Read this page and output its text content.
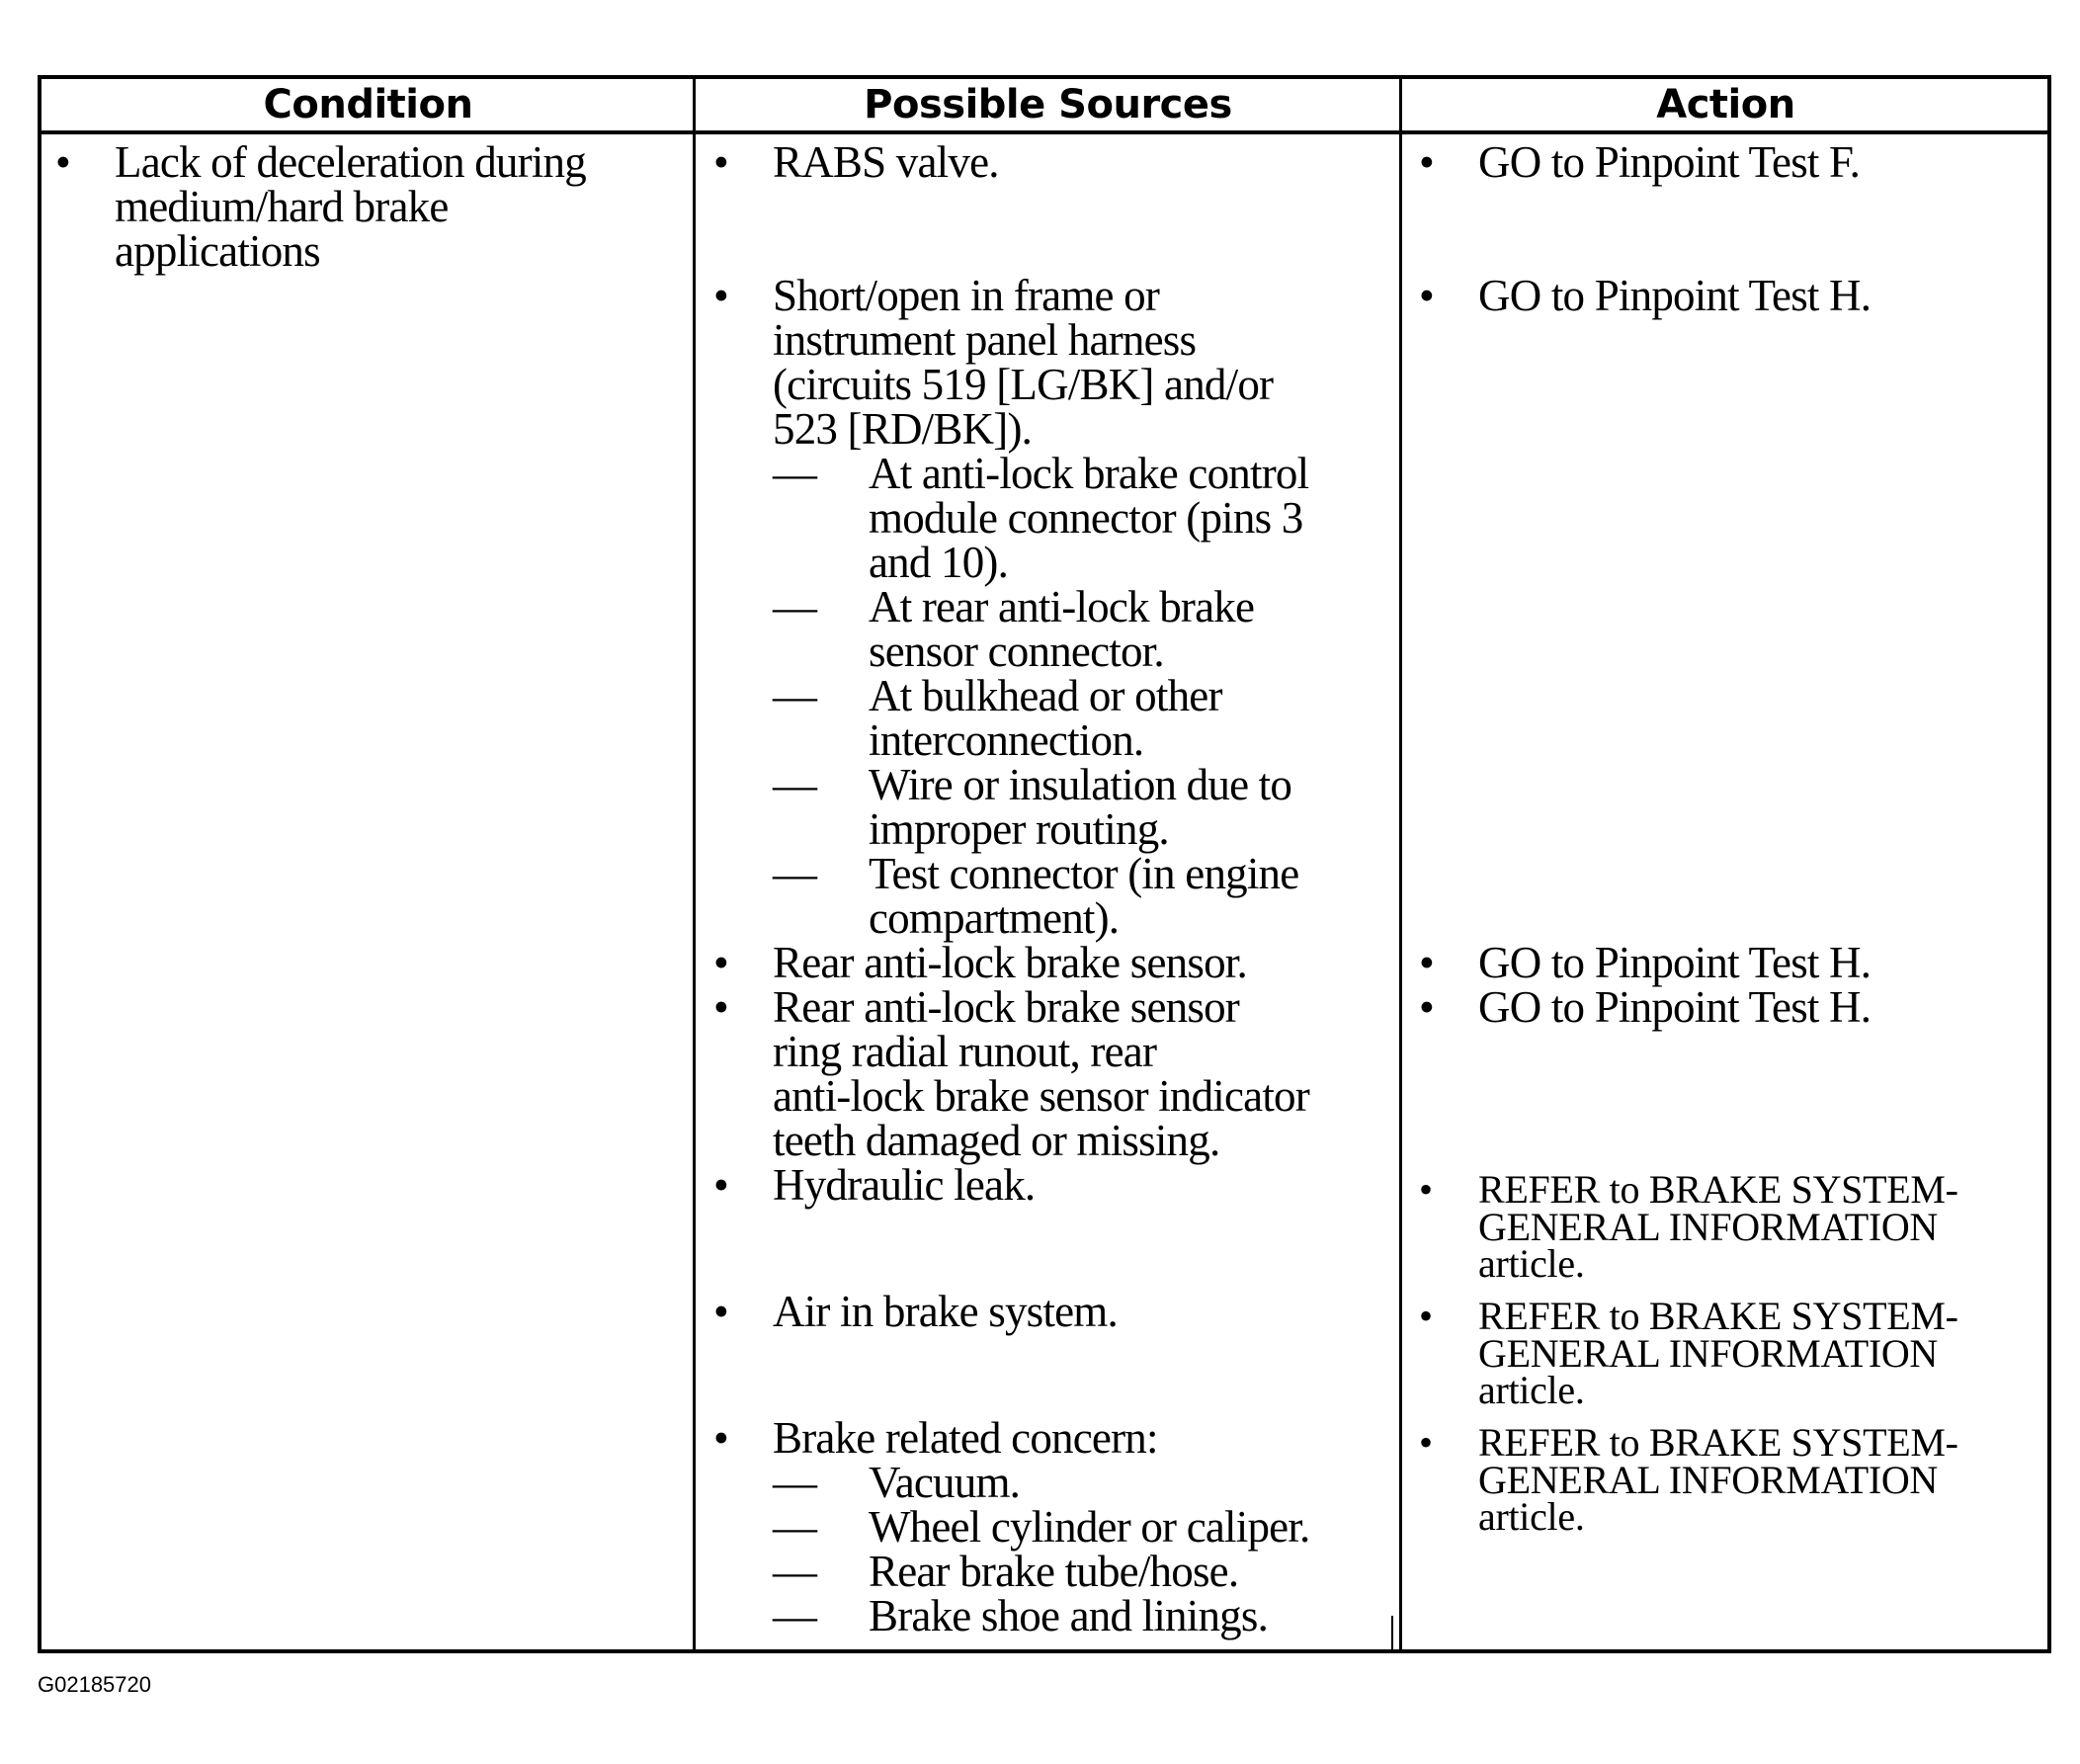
Condition	Possible Sources	Action
• Lack of deceleration during
medium/hard brake
applications
• RABS valve.
• Short/open in frame or
instrument panel harness
(circuits 519 [LG/BK] and/or
523 [RD/BK]).
— At anti-lock brake control
module connector (pins 3
and 10).
— At rear anti-lock brake
sensor connector.
— At bulkhead or other
interconnection.
— Wire or insulation due to
improper routing.
— Test connector (in engine
compartment).
• Rear anti-lock brake sensor.
• Rear anti-lock brake sensor
ring radial runout, rear
anti-lock brake sensor indicator
teeth damaged or missing.
• Hydraulic leak.
• Air in brake system.
• Brake related concern:
— Vacuum.
— Wheel cylinder or caliper.
— Rear brake tube/hose.
— Brake shoe and linings.
• GO to Pinpoint Test F.
• GO to Pinpoint Test H.
• GO to Pinpoint Test H.
• GO to Pinpoint Test H.
• REFER to BRAKE SYSTEM-
GENERAL INFORMATION
article.
• REFER to BRAKE SYSTEM-
GENERAL INFORMATION
article.
• REFER to BRAKE SYSTEM-
GENERAL INFORMATION
article.
G02185720
